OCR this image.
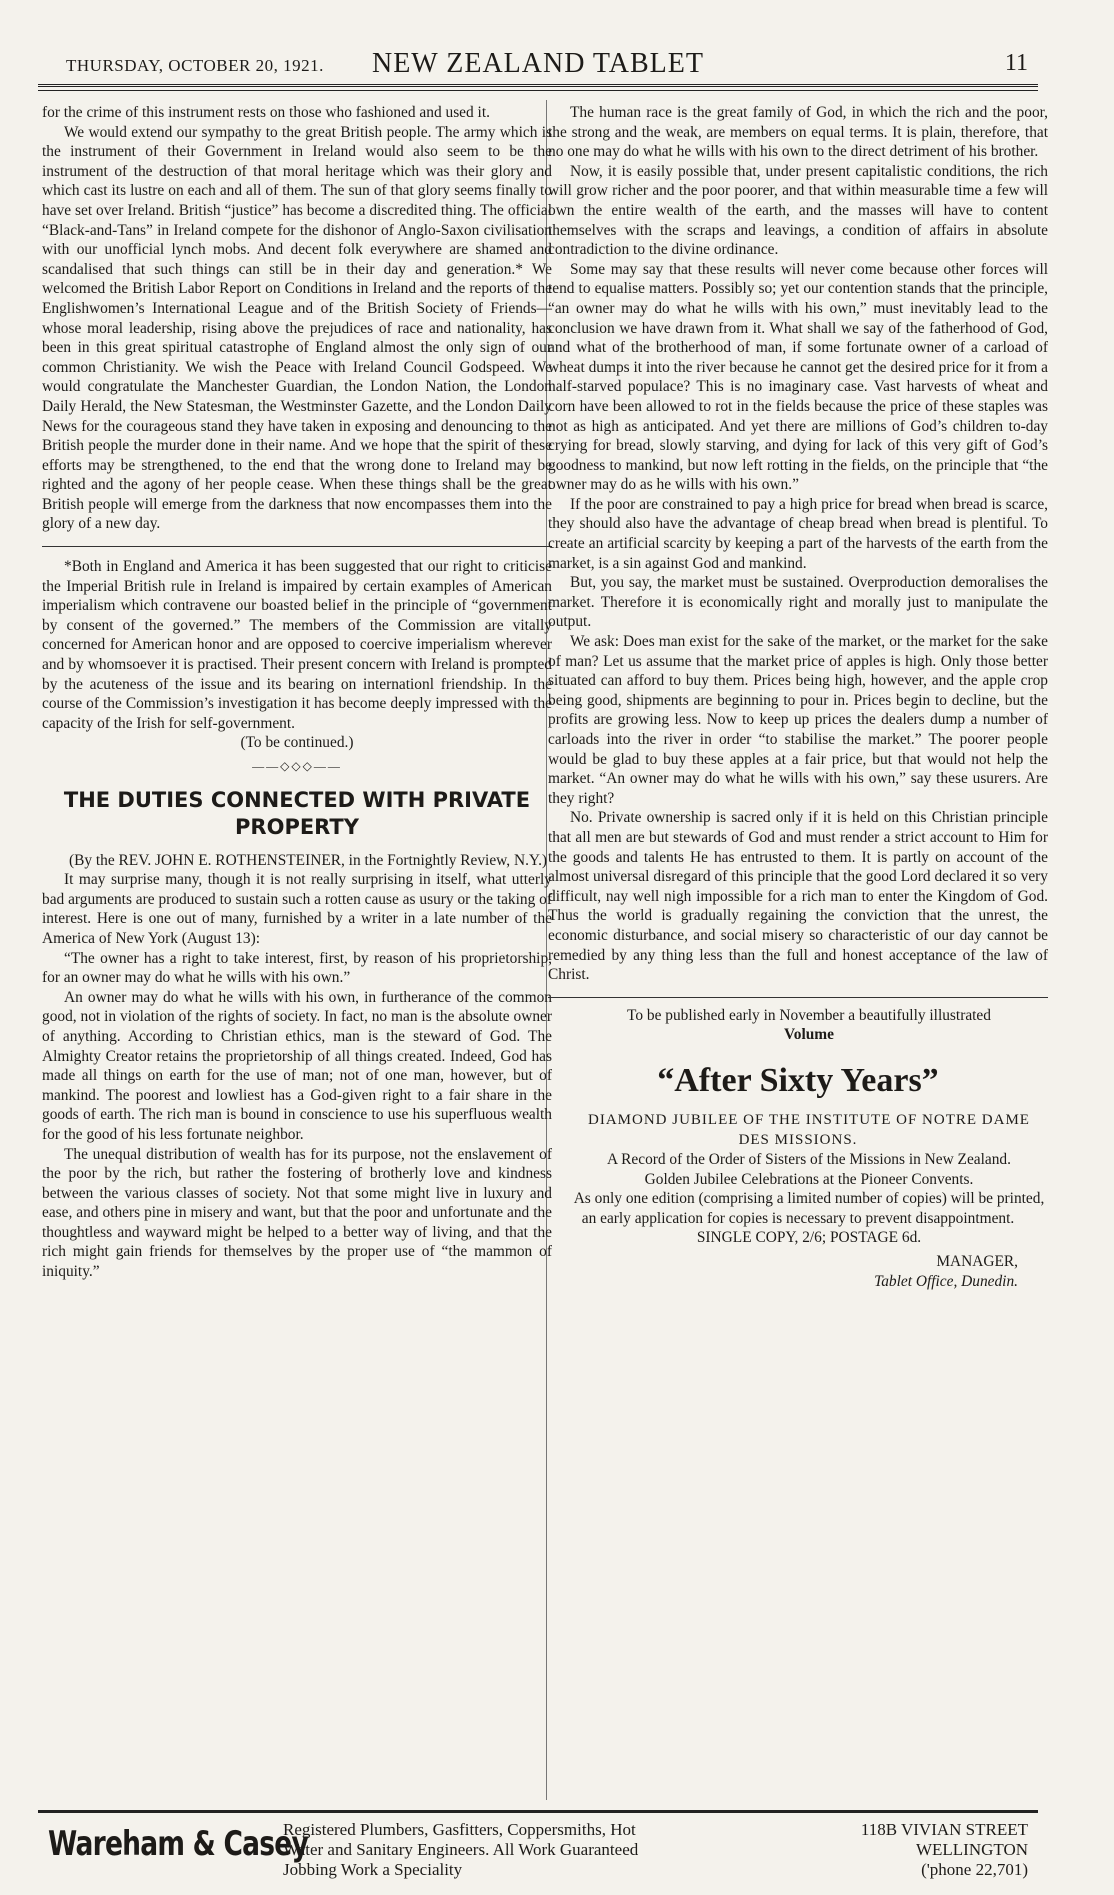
THURSDAY, OCTOBER 20, 1921.	NEW ZEALAND TABLET	11

for the crime of this instrument rests on those who fashioned and used it.

We would extend our sympathy to the great British people. The army which is the instrument of their Government in Ireland would also seem to be the instrument of the destruction of that moral heritage which was their glory and which cast its lustre on each and all of them. The sun of that glory seems finally to have set over Ireland. British “justice” has become a discredited thing. The official “Black-and-Tans” in Ireland compete for the dishonor of Anglo-Saxon civilisation with our unofficial lynch mobs. And decent folk everywhere are shamed and scandalised that such things can still be in their day and generation.* We welcomed the British Labor Report on Conditions in Ireland and the reports of the Englishwomen’s International League and of the British Society of Friends—whose moral leadership, rising above the prejudices of race and nationality, has been in this great spiritual catastrophe of England almost the only sign of our common Christianity. We wish the Peace with Ireland Council Godspeed. We would congratulate the Manchester Guardian, the London Nation, the London Daily Herald, the New Statesman, the Westminster Gazette, and the London Daily News for the courageous stand they have taken in exposing and denouncing to the British people the murder done in their name. And we hope that the spirit of these efforts may be strengthened, to the end that the wrong done to Ireland may be righted and the agony of her people cease. When these things shall be the great British people will emerge from the darkness that now encompasses them into the glory of a new day.

*Both in England and America it has been suggested that our right to criticise the Imperial British rule in Ireland is impaired by certain examples of American imperialism which contravene our boasted belief in the principle of “government by consent of the governed.” The members of the Commission are vitally concerned for American honor and are opposed to coercive imperialism wherever and by whomsoever it is practised. Their present concern with Ireland is prompted by the acuteness of the issue and its bearing on internationl friendship. In the course of the Commission’s investigation it has become deeply impressed with the capacity of the Irish for self-government.

(To be continued.)

——◇◇◇——
THE DUTIES CONNECTED WITH PRIVATE PROPERTY

(By the REV. JOHN E. ROTHENSTEINER, in the Fortnightly Review, N.Y.)

It may surprise many, though it is not really surprising in itself, what utterly bad arguments are produced to sustain such a rotten cause as usury or the taking of interest. Here is one out of many, furnished by a writer in a late number of the America of New York (August 13):

“The owner has a right to take interest, first, by reason of his proprietorship, for an owner may do what he wills with his own.”

An owner may do what he wills with his own, in furtherance of the common good, not in violation of the rights of society. In fact, no man is the absolute owner of anything. According to Christian ethics, man is the steward of God. The Almighty Creator retains the proprietorship of all things created. Indeed, God has made all things on earth for the use of man; not of one man, however, but of mankind. The poorest and lowliest has a God-given right to a fair share in the goods of earth. The rich man is bound in conscience to use his superfluous wealth for the good of his less fortunate neighbor.

The unequal distribution of wealth has for its purpose, not the enslavement of the poor by the rich, but rather the fostering of brotherly love and kindness between the various classes of society. Not that some might live in luxury and ease, and others pine in misery and want, but that the poor and unfortunate and the thoughtless and wayward might be helped to a better way of living, and that the rich might gain friends for themselves by the proper use of “the mammon of iniquity.”

The human race is the great family of God, in which the rich and the poor, the strong and the weak, are members on equal terms. It is plain, therefore, that no one may do what he wills with his own to the direct detriment of his brother.

Now, it is easily possible that, under present capitalistic conditions, the rich will grow richer and the poor poorer, and that within measurable time a few will own the entire wealth of the earth, and the masses will have to content themselves with the scraps and leavings, a condition of affairs in absolute contradiction to the divine ordinance.

Some may say that these results will never come because other forces will tend to equalise matters. Possibly so; yet our contention stands that the principle, “an owner may do what he wills with his own,” must inevitably lead to the conclusion we have drawn from it. What shall we say of the fatherhood of God, and what of the brotherhood of man, if some fortunate owner of a carload of wheat dumps it into the river because he cannot get the desired price for it from a half-starved populace? This is no imaginary case. Vast harvests of wheat and corn have been allowed to rot in the fields because the price of these staples was not as high as anticipated. And yet there are millions of God’s children to-day crying for bread, slowly starving, and dying for lack of this very gift of God’s goodness to mankind, but now left rotting in the fields, on the principle that “the owner may do as he wills with his own.”

If the poor are constrained to pay a high price for bread when bread is scarce, they should also have the advantage of cheap bread when bread is plentiful. To create an artificial scarcity by keeping a part of the harvests of the earth from the market, is a sin against God and mankind.

But, you say, the market must be sustained. Overproduction demoralises the market. Therefore it is economically right and morally just to manipulate the output.

We ask: Does man exist for the sake of the market, or the market for the sake of man? Let us assume that the market price of apples is high. Only those better situated can afford to buy them. Prices being high, however, and the apple crop being good, shipments are beginning to pour in. Prices begin to decline, but the profits are growing less. Now to keep up prices the dealers dump a number of carloads into the river in order “to stabilise the market.” The poorer people would be glad to buy these apples at a fair price, but that would not help the market. “An owner may do what he wills with his own,” say these usurers. Are they right?

No. Private ownership is sacred only if it is held on this Christian principle that all men are but stewards of God and must render a strict account to Him for the goods and talents He has entrusted to them. It is partly on account of the almost universal disregard of this principle that the good Lord declared it so very difficult, nay well nigh impossible for a rich man to enter the Kingdom of God. Thus the world is gradually regaining the conviction that the unrest, the economic disturbance, and social misery so characteristic of our day cannot be remedied by any thing less than the full and honest acceptance of the law of Christ.

To be published early in November a beautifully illustrated

Volume

“After Sixty Years”

DIAMOND JUBILEE OF THE INSTITUTE OF NOTRE DAME DES MISSIONS.

A Record of the Order of Sisters of the Missions in New Zealand.

Golden Jubilee Celebrations at the Pioneer Convents.

As only one edition (comprising a limited number of copies) will be printed, an early application for copies is necessary to prevent disappointment.

SINGLE COPY, 2/6; POSTAGE 6d.

MANAGER,

Tablet Office, Dunedin.

Wareham & Casey
Registered Plumbers, Gasfitters, Coppersmiths, Hot
Water and Sanitary Engineers. All Work Guaranteed
Jobbing Work a Speciality
118B VIVIAN STREET
WELLINGTON
('phone 22,701)
